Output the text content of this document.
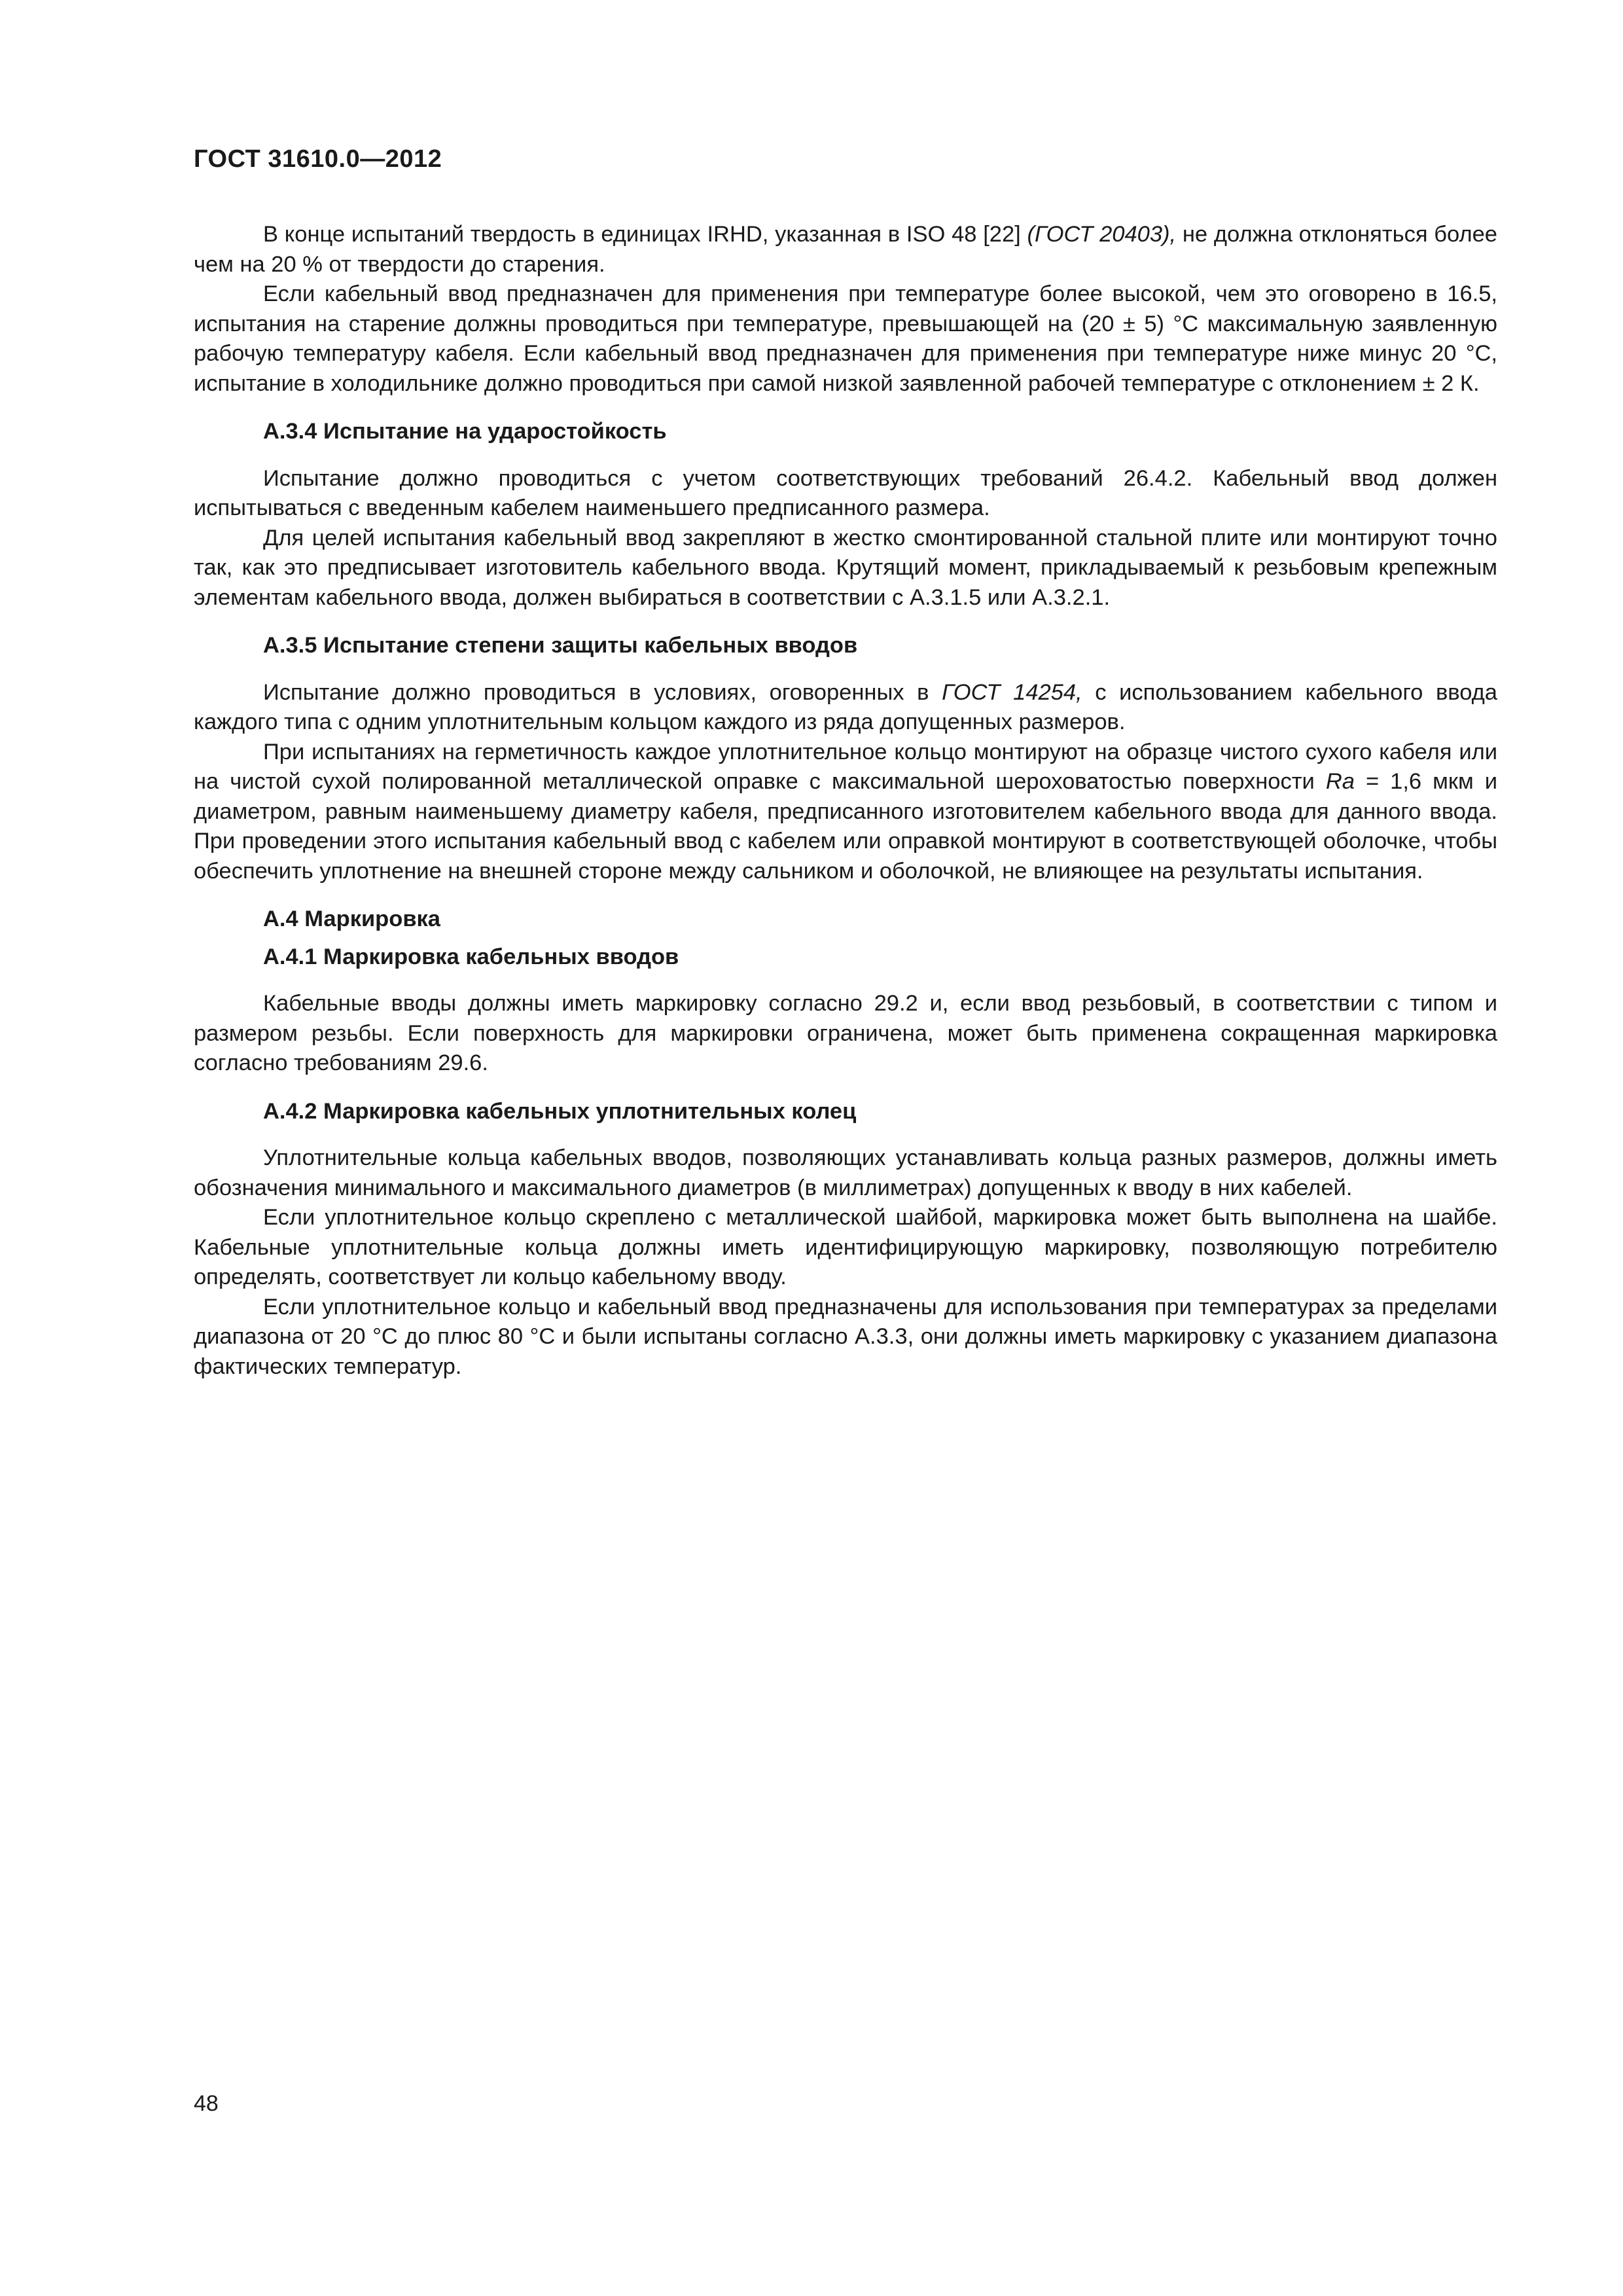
ГОСТ 31610.0—2012

В конце испытаний твердость в единицах IRHD, указанная в ISO 48 [22] (ГОСТ 20403), не должна отклоняться более чем на 20 % от твердости до старения.

Если кабельный ввод предназначен для применения при температуре более высокой, чем это оговорено в 16.5, испытания на старение должны проводиться при температуре, превышающей на (20 ± 5) °С максимальную заявленную рабочую температуру кабеля. Если кабельный ввод предназначен для применения при температуре ниже минус 20 °С, испытание в холодильнике должно проводиться при самой низкой заявленной рабочей температуре с отклонением ± 2 К.

А.3.4 Испытание на ударостойкость

Испытание должно проводиться с учетом соответствующих требований 26.4.2. Кабельный ввод должен испытываться с введенным кабелем наименьшего предписанного размера.

Для целей испытания кабельный ввод закрепляют в жестко смонтированной стальной плите или монтируют точно так, как это предписывает изготовитель кабельного ввода. Крутящий момент, прикладываемый к резьбовым крепежным элементам кабельного ввода, должен выбираться в соответствии с А.3.1.5 или А.3.2.1.

А.3.5 Испытание степени защиты кабельных вводов

Испытание должно проводиться в условиях, оговоренных в ГОСТ 14254, с использованием кабельного ввода каждого типа с одним уплотнительным кольцом каждого из ряда допущенных размеров.

При испытаниях на герметичность каждое уплотнительное кольцо монтируют на образце чистого сухого кабеля или на чистой сухой полированной металлической оправке с максимальной шероховатостью поверхности Ra = 1,6 мкм и диаметром, равным наименьшему диаметру кабеля, предписанного изготовителем кабельного ввода для данного ввода. При проведении этого испытания кабельный ввод с кабелем или оправкой монтируют в соответствующей оболочке, чтобы обеспечить уплотнение на внешней стороне между сальником и оболочкой, не влияющее на результаты испытания.

А.4 Маркировка
А.4.1 Маркировка кабельных вводов

Кабельные вводы должны иметь маркировку согласно 29.2 и, если ввод резьбовый, в соответствии с типом и размером резьбы. Если поверхность для маркировки ограничена, может быть применена сокращенная маркировка согласно требованиям 29.6.

А.4.2 Маркировка кабельных уплотнительных колец

Уплотнительные кольца кабельных вводов, позволяющих устанавливать кольца разных размеров, должны иметь обозначения минимального и максимального диаметров (в миллиметрах) допущенных к вводу в них кабелей.

Если уплотнительное кольцо скреплено с металлической шайбой, маркировка может быть выполнена на шайбе. Кабельные уплотнительные кольца должны иметь идентифицирующую маркировку, позволяющую потребителю определять, соответствует ли кольцо кабельному вводу.

Если уплотнительное кольцо и кабельный ввод предназначены для использования при температурах за пределами диапазона от 20 °С до плюс 80 °С и были испытаны согласно А.3.3, они должны иметь маркировку с указанием диапазона фактических температур.

48
